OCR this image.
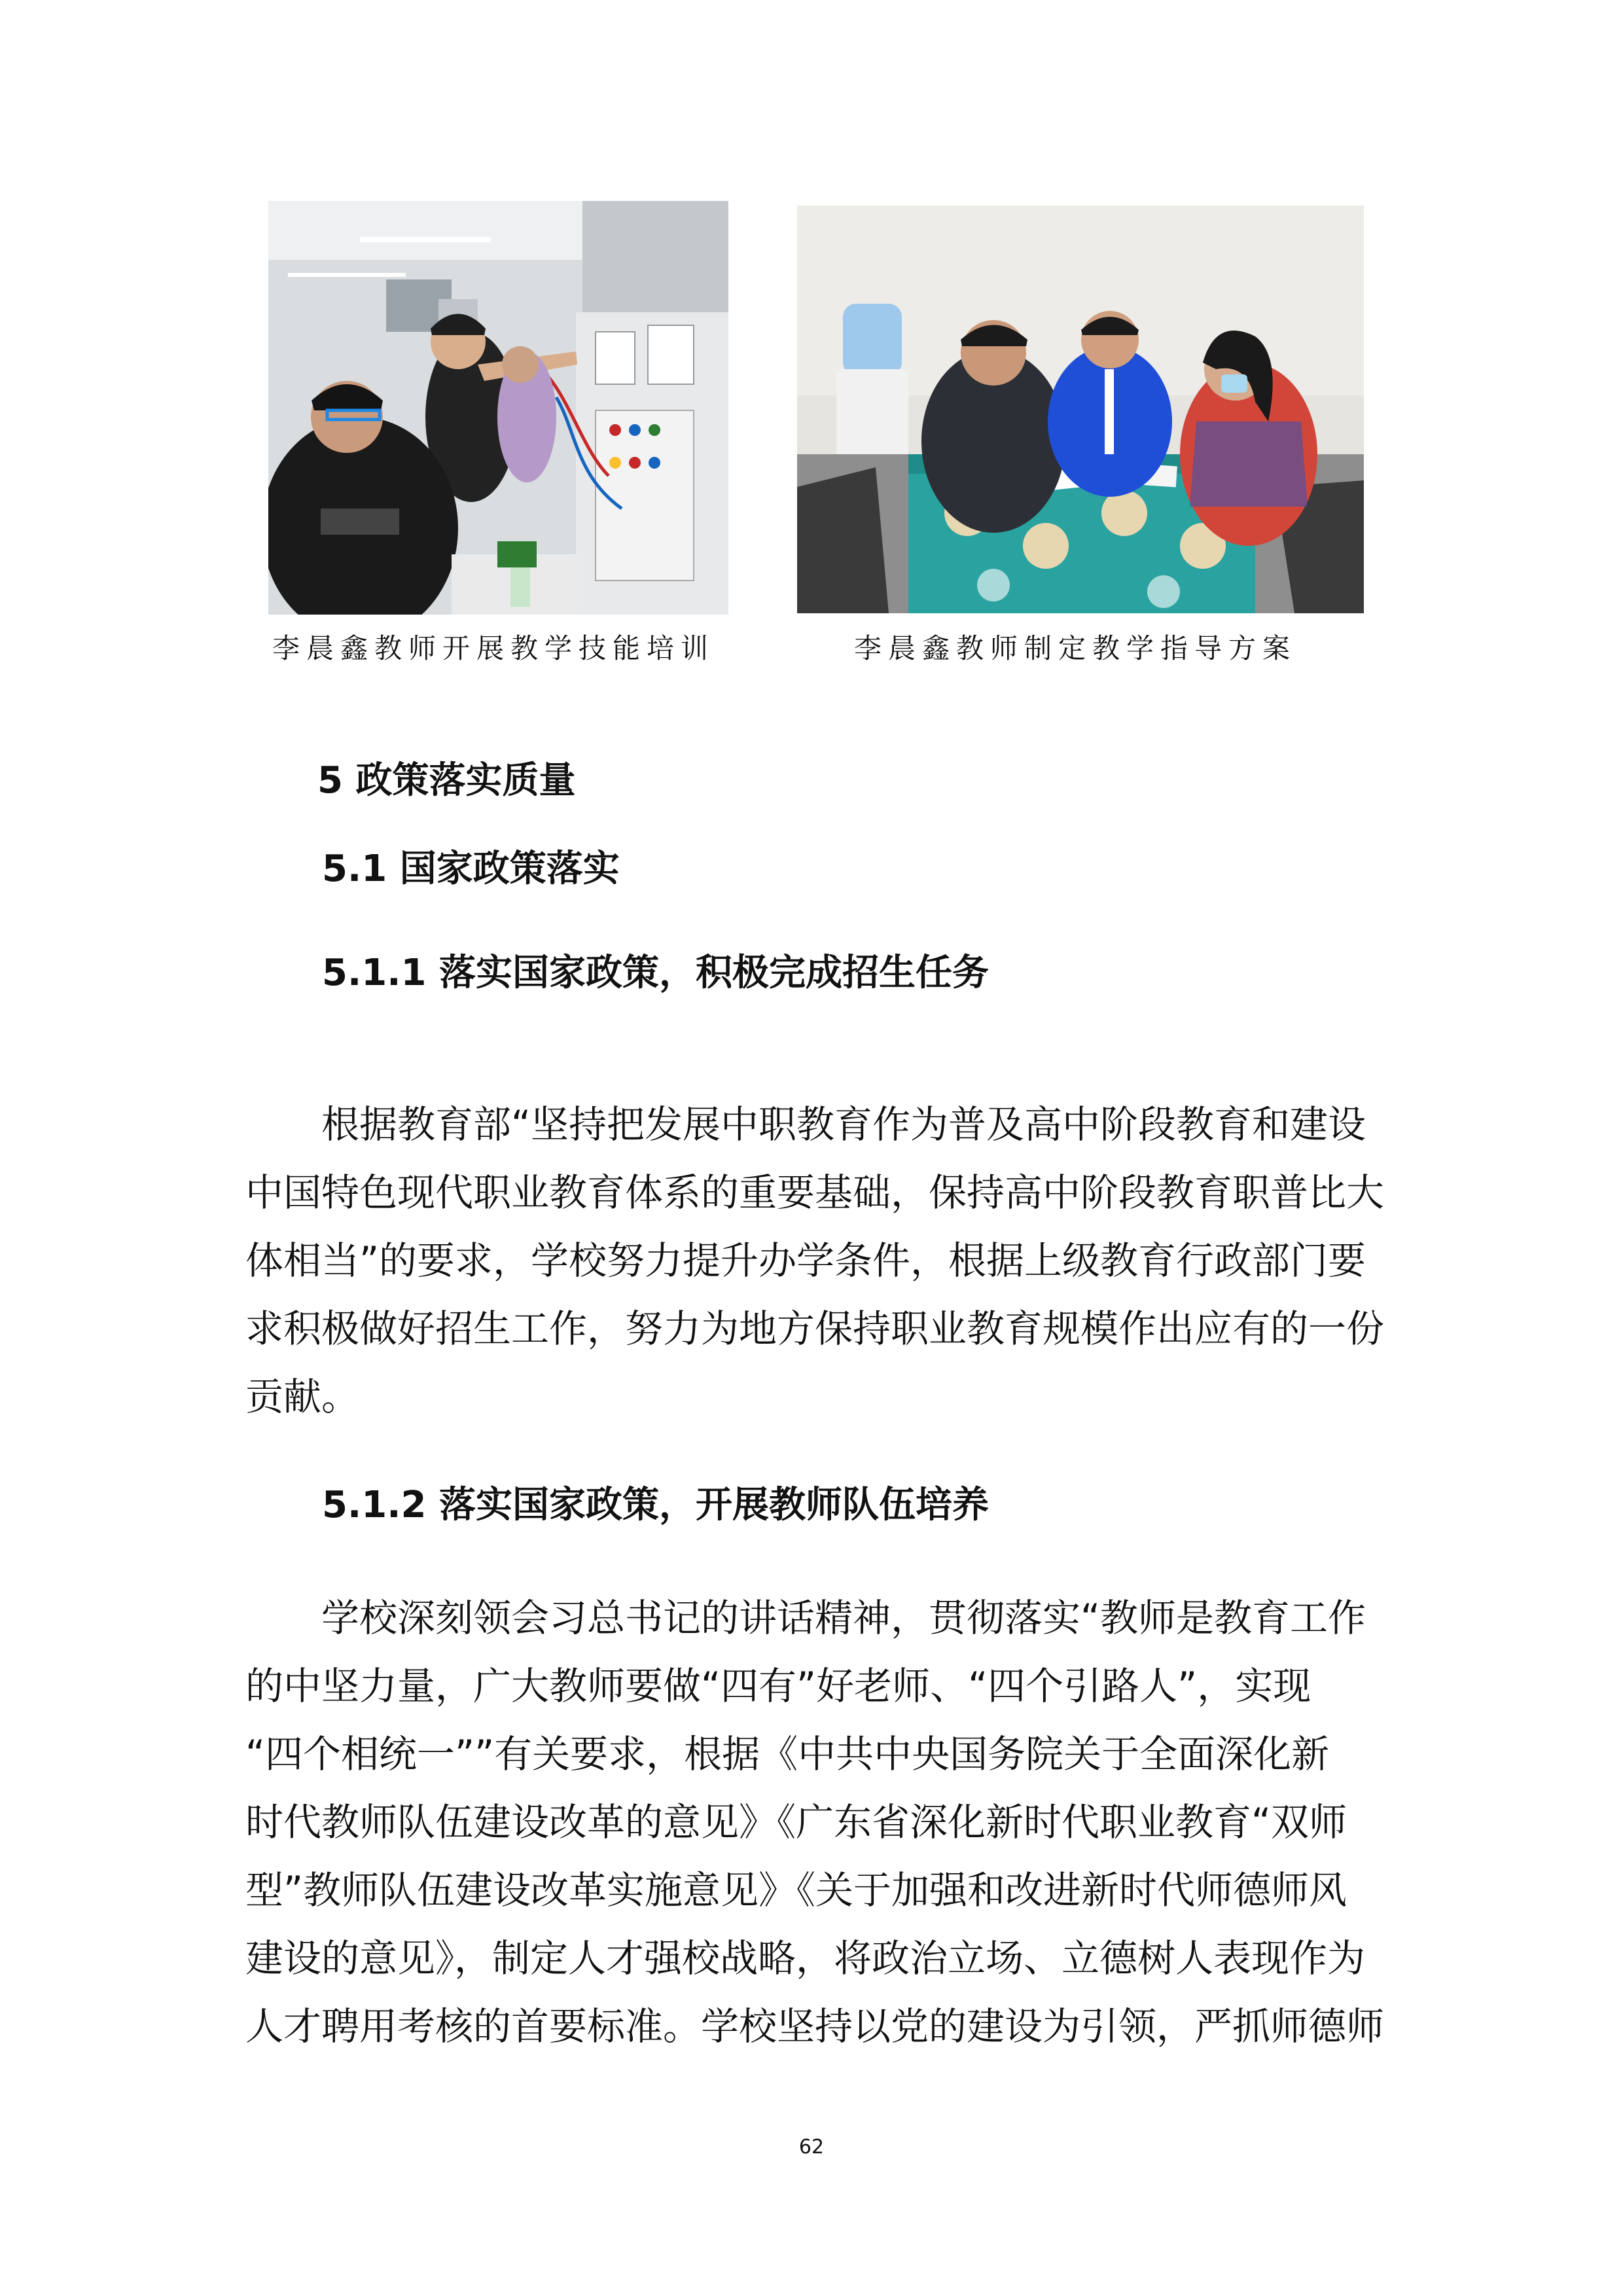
李晨鑫教师开展教学技能培训	李晨鑫教师制定教学指导方案
5 政策落实质量
5.1 国家政策落实
5.1.1 落实国家政策，积极完成招生任务
根据教育部“坚持把发展中职教育作为普及高中阶段教育和建设
中国特色现代职业教育体系的重要基础，保持高中阶段教育职普比大
体相当”的要求，学校努力提升办学条件，根据上级教育行政部门要
求积极做好招生工作，努力为地方保持职业教育规模作出应有的一份
贡献。
5.1.2 落实国家政策，开展教师队伍培养
学校深刻领会习总书记的讲话精神，贯彻落实“教师是教育工作
的中坚力量，广大教师要做“四有”好老师、“四个引路人”，实现
“四个相统一””有关要求，根据《中共中央国务院关于全面深化新
时代教师队伍建设改革的意见》《广东省深化新时代职业教育“双师
型”教师队伍建设改革实施意见》《关于加强和改进新时代师德师风
建设的意见》，制定人才强校战略，将政治立场、立德树人表现作为
人才聘用考核的首要标准。学校坚持以党的建设为引领，严抓师德师
62
